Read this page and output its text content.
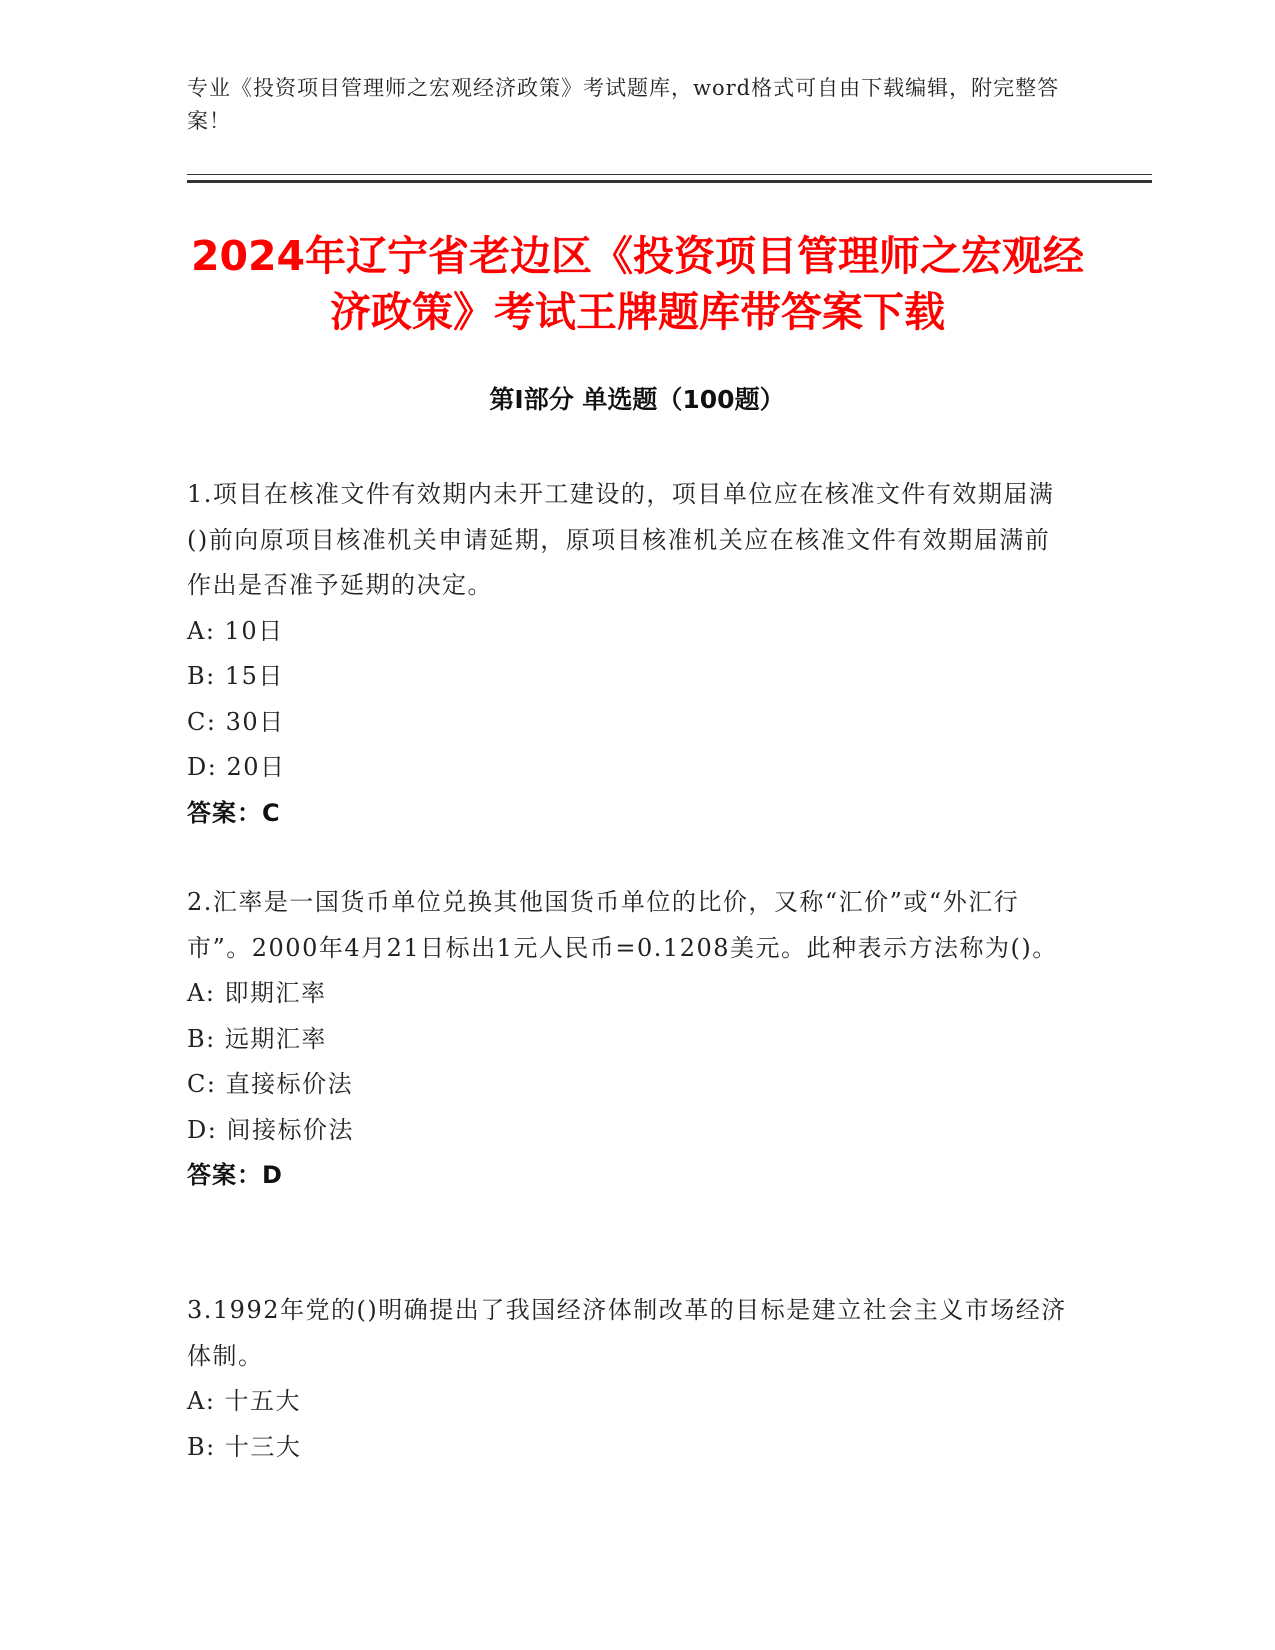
专业《投资项目管理师之宏观经济政策》考试题库，word格式可自由下载编辑，附完整答案！
2024年辽宁省老边区《投资项目管理师之宏观经济政策》考试王牌题库带答案下载
第I部分 单选题（100题）

1.项目在核准文件有效期内未开工建设的，项目单位应在核准文件有效期届满()前向原项目核准机关申请延期，原项目核准机关应在核准文件有效期届满前作出是否准予延期的决定。

A: 10日

B: 15日

C: 30日

D: 20日

答案：C

2.汇率是一国货币单位兑换其他国货币单位的比价，又称“汇价”或“外汇行市”。2000年4月21日标出1元人民币=0.1208美元。此种表示方法称为()。

A: 即期汇率

B: 远期汇率

C: 直接标价法

D: 间接标价法

答案：D

3.1992年党的()明确提出了我国经济体制改革的目标是建立社会主义市场经济体制。

A: 十五大

B: 十三大
